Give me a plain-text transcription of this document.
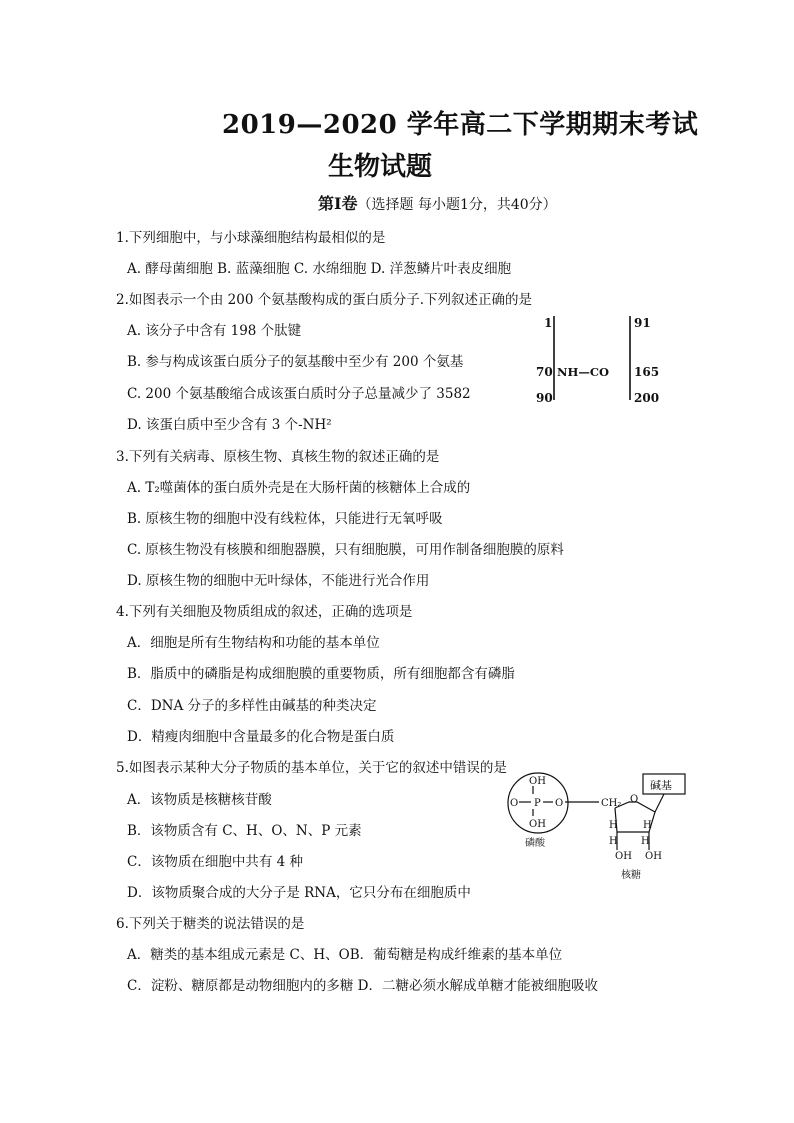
2019—2020 学年高二下学期期末考试
生物试题
第Ⅰ卷（选择题 每小题1分，共40分）
1.下列细胞中，与小球藻细胞结构最相似的是
A. 酵母菌细胞 B. 蓝藻细胞 C. 水绵细胞 D. 洋葱鳞片叶表皮细胞
2.如图表示一个由 200 个氨基酸构成的蛋白质分子.下列叙述正确的是
A. 该分子中含有 198 个肽键
B. 参与构成该蛋白质分子的氨基酸中至少有 200 个氨基
C. 200 个氨基酸缩合成该蛋白质时分子总量减少了 3582
D. 该蛋白质中至少含有 3 个-NH²
3.下列有关病毒、原核生物、真核生物的叙述正确的是
A. T₂噬菌体的蛋白质外壳是在大肠杆菌的核糖体上合成的
B. 原核生物的细胞中没有线粒体，只能进行无氧呼吸
C. 原核生物没有核膜和细胞器膜，只有细胞膜，可用作制备细胞膜的原料
D. 原核生物的细胞中无叶绿体，不能进行光合作用
4.下列有关细胞及物质组成的叙述，正确的选项是
A．细胞是所有生物结构和功能的基本单位
B．脂质中的磷脂是构成细胞膜的重要物质，所有细胞都含有磷脂
C．DNA 分子的多样性由碱基的种类决定
D．精瘦肉细胞中含量最多的化合物是蛋白质
5.如图表示某种大分子物质的基本单位，关于它的叙述中错误的是
A．该物质是核糖核苷酸
B．该物质含有 C、H、O、N、P 元素
C．该物质在细胞中共有 4 种
D．该物质聚合成的大分子是 RNA，它只分布在细胞质中
6.下列关于糖类的说法错误的是
A．糖类的基本组成元素是 C、H、OB．葡萄糖是构成纤维素的基本单位
C．淀粉、糖原都是动物细胞内的多糖 D．二糖必须水解成单糖才能被细胞吸收
1	91
70	165
90	200
NH—CO
OH
O P O
OH
磷酸
CH₂ O
碱基
H	H
H H
OH OH
核糖
